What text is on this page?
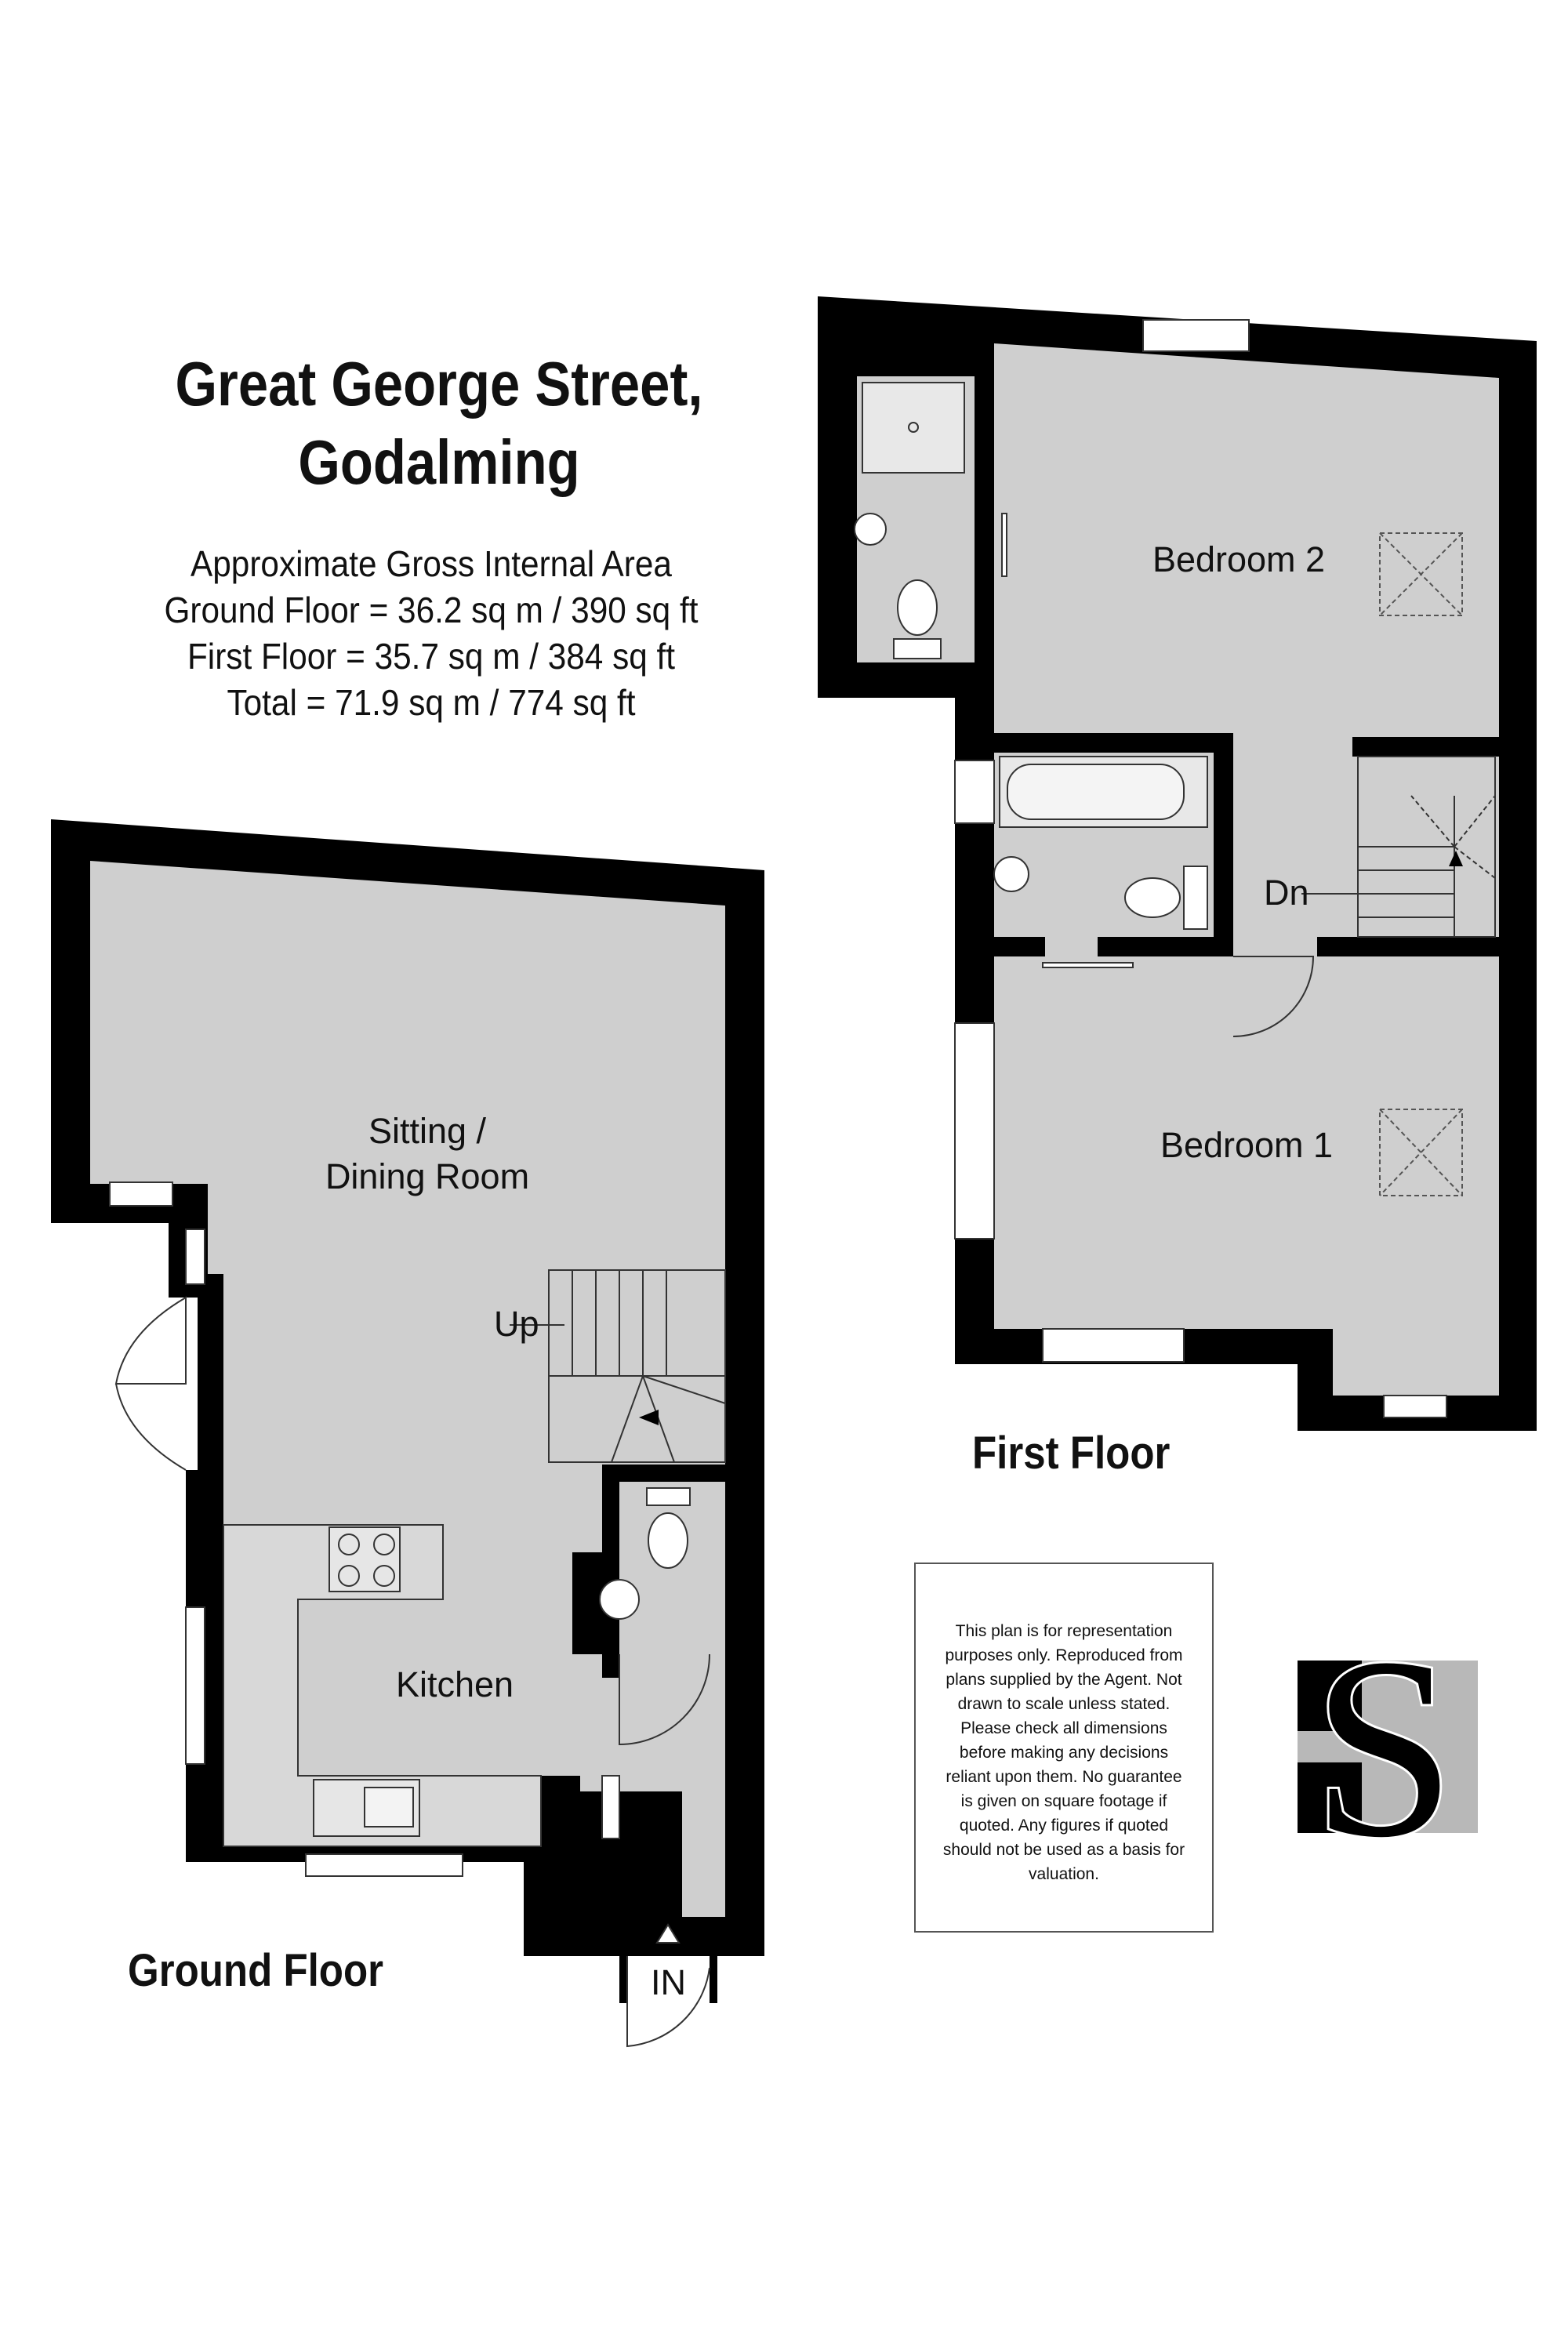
S
Great George Street,
Godalming
Approximate Gross Internal Area
Ground Floor = 36.2 sq m / 390 sq ft
First Floor = 35.7 sq m / 384 sq ft
Total = 71.9 sq m / 774 sq ft
Sitting /
Dining Room
Kitchen
Up
IN
Ground Floor
Bedroom 2
Bedroom 1
Dn
First Floor
This plan is for representation purposes only. Reproduced from plans supplied by the Agent. Not drawn to scale unless stated. Please check all dimensions before making any decisions reliant upon them. No guarantee is given on square footage if quoted. Any figures if quoted should not be used as a basis for valuation.
